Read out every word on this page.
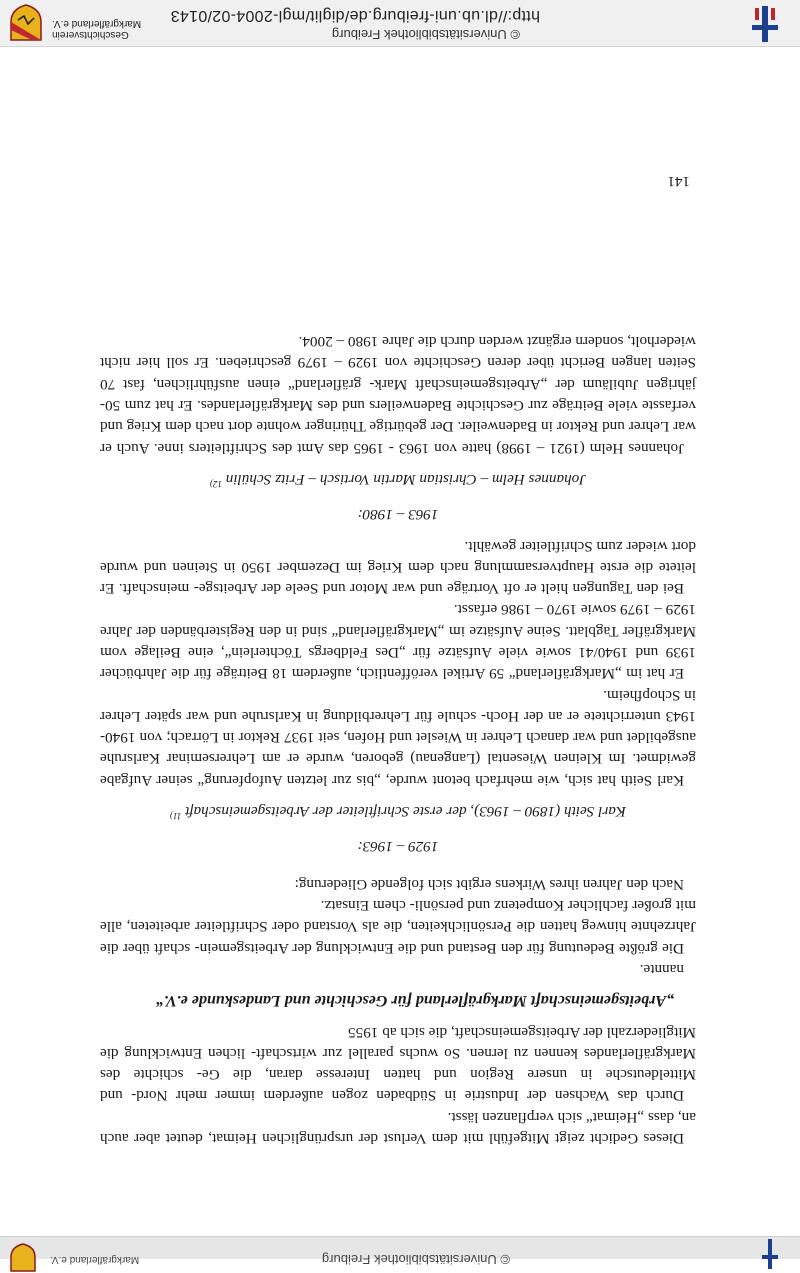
© Universitätsbibliothek Freiburg
Markgräflerland e.V.

Dieses Gedicht zeigt Mitgefühl mit dem Verlust der ursprünglichen Heimat, deutet aber auch an, dass „Heimat“ sich verpflanzen lässt.

Durch das Wachsen der Industrie in Südbaden zogen außerdem immer mehr Nord- und Mitteldeutsche in unsere Region und hatten Interesse daran, die Ge- schichte des Markgräflerlandes kennen zu lernen. So wuchs parallel zur wirtschaft- lichen Entwicklung die Mitgliederzahl der Arbeitsgemeinschaft, die sich ab 1955

„Arbeitsgemeinschaft Markgräflerland für Geschichte und Landeskunde e.V.“

nannte.

Die größte Bedeutung für den Bestand und die Entwicklung der Arbeitsgemein- schaft über die Jahrzehnte hinweg hatten die Persönlichkeiten, die als Vorstand oder Schriftleiter arbeiteten, alle mit großer fachlicher Kompetenz und persönli- chem Einsatz.

Nach den Jahren ihres Wirkens ergibt sich folgende Gliederung:

1929 – 1963:

Karl Seith (1890 – 1963), der erste Schriftleiter der Arbeitsgemeinschaft $^{11)}$

Karl Seith hat sich, wie mehrfach betont wurde, „bis zur letzten Aufopferung“ seiner Aufgabe gewidmet. Im Kleinen Wiesental (Langenau) geboren, wurde er am Lehrerseminar Karlsruhe ausgebildet und war danach Lehrer in Wieslet und Hofen, seit 1937 Rektor in Lörrach; von 1940-1943 unterrichtete er an der Hoch- schule für Lehrerbildung in Karlsruhe und war später Lehrer in Schopfheim.

Er hat im „Markgräflerland“ 59 Artikel veröffentlich, außerdem 18 Beiträge für die Jahrbücher 1939 und 1940/41 sowie viele Aufsätze für „Des Feldbergs Töchterlein“, eine Beilage vom Markgräfler Tagblatt. Seine Aufsätze im „Markgräflerland“ sind in den Registerbänden der Jahre 1929 – 1979 sowie 1970 – 1986 erfasst.

Bei den Tagungen hielt er oft Vorträge und war Motor und Seele der Arbeitsge- meinschaft. Er leitete die erste Hauptversammlung nach dem Krieg im Dezember 1950 in Steinen und wurde dort wieder zum Schriftleiter gewählt.

1963 – 1980:

Johannes Helm – Christian Martin Vortisch – Fritz Schülin $^{12)}$

Johannes Helm (1921 – 1998) hatte von 1963 - 1965 das Amt des Schriftleiters inne. Auch er war Lehrer und Rektor in Badenweiler. Der gebürtige Thüringer wohnte dort nach dem Krieg und verfasste viele Beiträge zur Geschichte Badenweilers und des Markgräflerlandes. Er hat zum 50-jährigen Jubiläum der „Arbeitsgemeinschaft Mark- gräflerland“ einen ausführlichen, fast 70 Seiten langen Bericht über deren Geschichte von 1929 – 1979 geschrieben. Er soll hier nicht wiederholt, sondern ergänzt werden durch die Jahre 1980 – 2004.

141
© Universitätsbibliothek Freiburg
http://dl.ub.uni-freiburg.de/diglit/mgl-2004-02/0143
Geschichtsverein
Markgräflerland e.V.
